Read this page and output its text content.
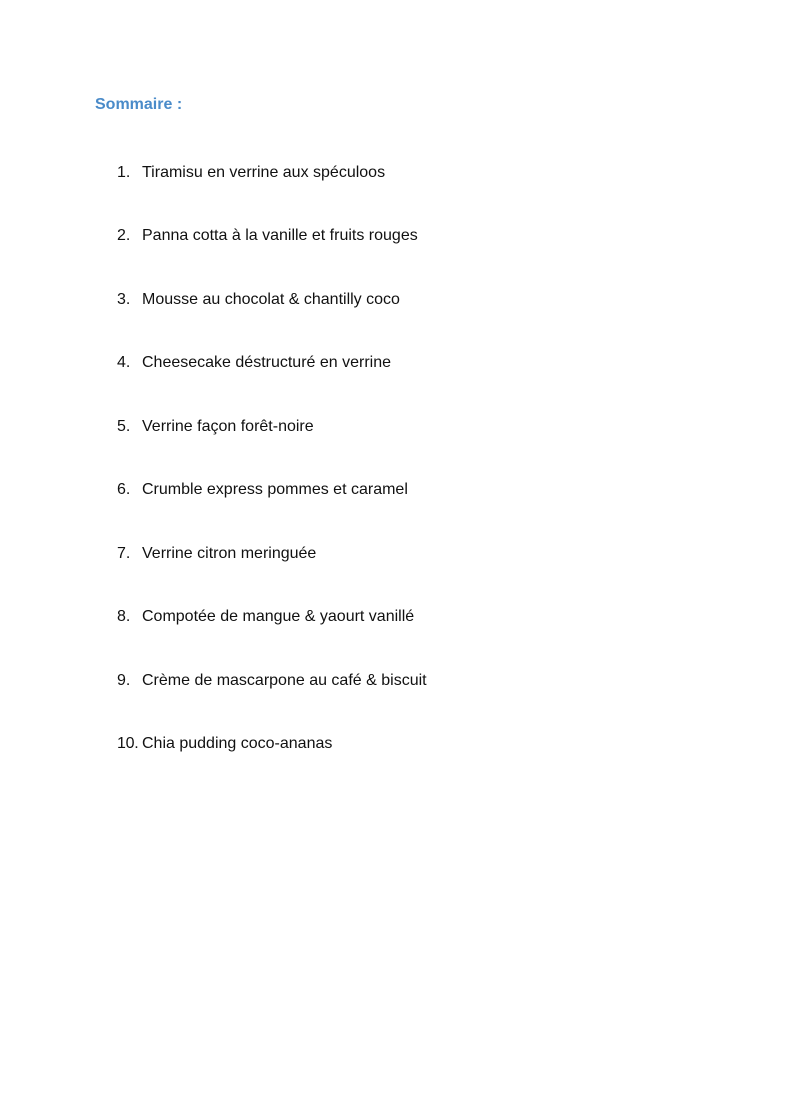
Sommaire :
1. Tiramisu en verrine aux spéculoos
2. Panna cotta à la vanille et fruits rouges
3. Mousse au chocolat & chantilly coco
4. Cheesecake déstructuré en verrine
5. Verrine façon forêt-noire
6. Crumble express pommes et caramel
7. Verrine citron meringuée
8. Compotée de mangue & yaourt vanillé
9. Crème de mascarpone au café & biscuit
10. Chia pudding coco-ananas
